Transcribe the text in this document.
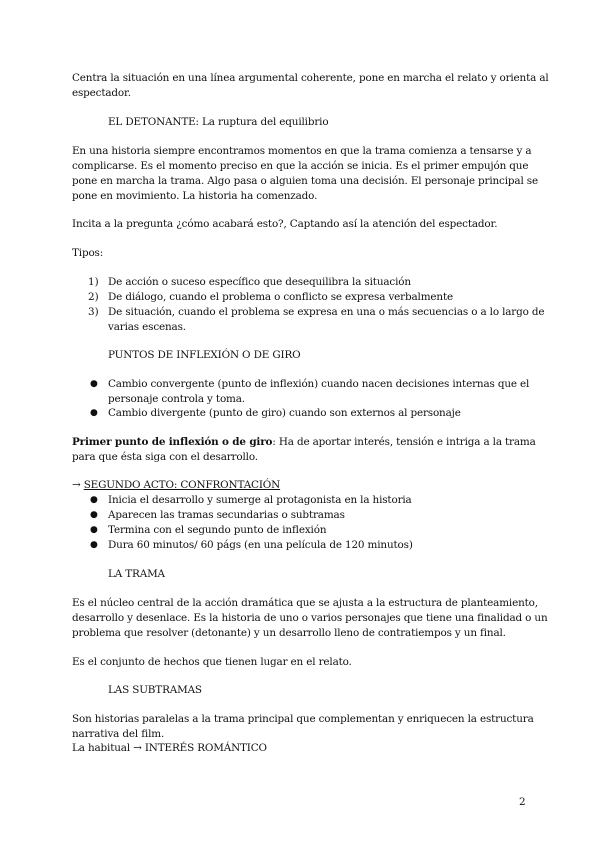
Centra la situación en una línea argumental coherente, pone en marcha el relato y orienta al
espectador.
EL DETONANTE: La ruptura del equilibrio
En una historia siempre encontramos momentos en que la trama comienza a tensarse y a
complicarse. Es el momento preciso en que la acción se inicia. Es el primer empujón que
pone en marcha la trama. Algo pasa o alguien toma una decisión. El personaje principal se
pone en movimiento. La historia ha comenzado.
Incita a la pregunta ¿cómo acabará esto?, Captando así la atención del espectador.
Tipos:
1) De acción o suceso específico que desequilibra la situación
2) De diálogo, cuando el problema o conflicto se expresa verbalmente
3) De situación, cuando el problema se expresa en una o más secuencias o a lo largo de
varias escenas.
PUNTOS DE INFLEXIÓN O DE GIRO
● Cambio convergente (punto de inflexión) cuando nacen decisiones internas que el
personaje controla y toma.
● Cambio divergente (punto de giro) cuando son externos al personaje
Primer punto de inflexión o de giro: Ha de aportar interés, tensión e intriga a la trama
para que ésta siga con el desarrollo.
→ SEGUNDO ACTO: CONFRONTACIÓN
● Inicia el desarrollo y sumerge al protagonista en la historia
● Aparecen las tramas secundarias o subtramas
● Termina con el segundo punto de inflexión
● Dura 60 minutos/ 60 págs (en una película de 120 minutos)
LA TRAMA
Es el núcleo central de la acción dramática que se ajusta a la estructura de planteamiento,
desarrollo y desenlace. Es la historia de uno o varios personajes que tiene una finalidad o un
problema que resolver (detonante) y un desarrollo lleno de contratiempos y un final.
Es el conjunto de hechos que tienen lugar en el relato.
LAS SUBTRAMAS
Son historias paralelas a la trama principal que complementan y enriquecen la estructura
narrativa del film.
La habitual → INTERÉS ROMÁNTICO
2
